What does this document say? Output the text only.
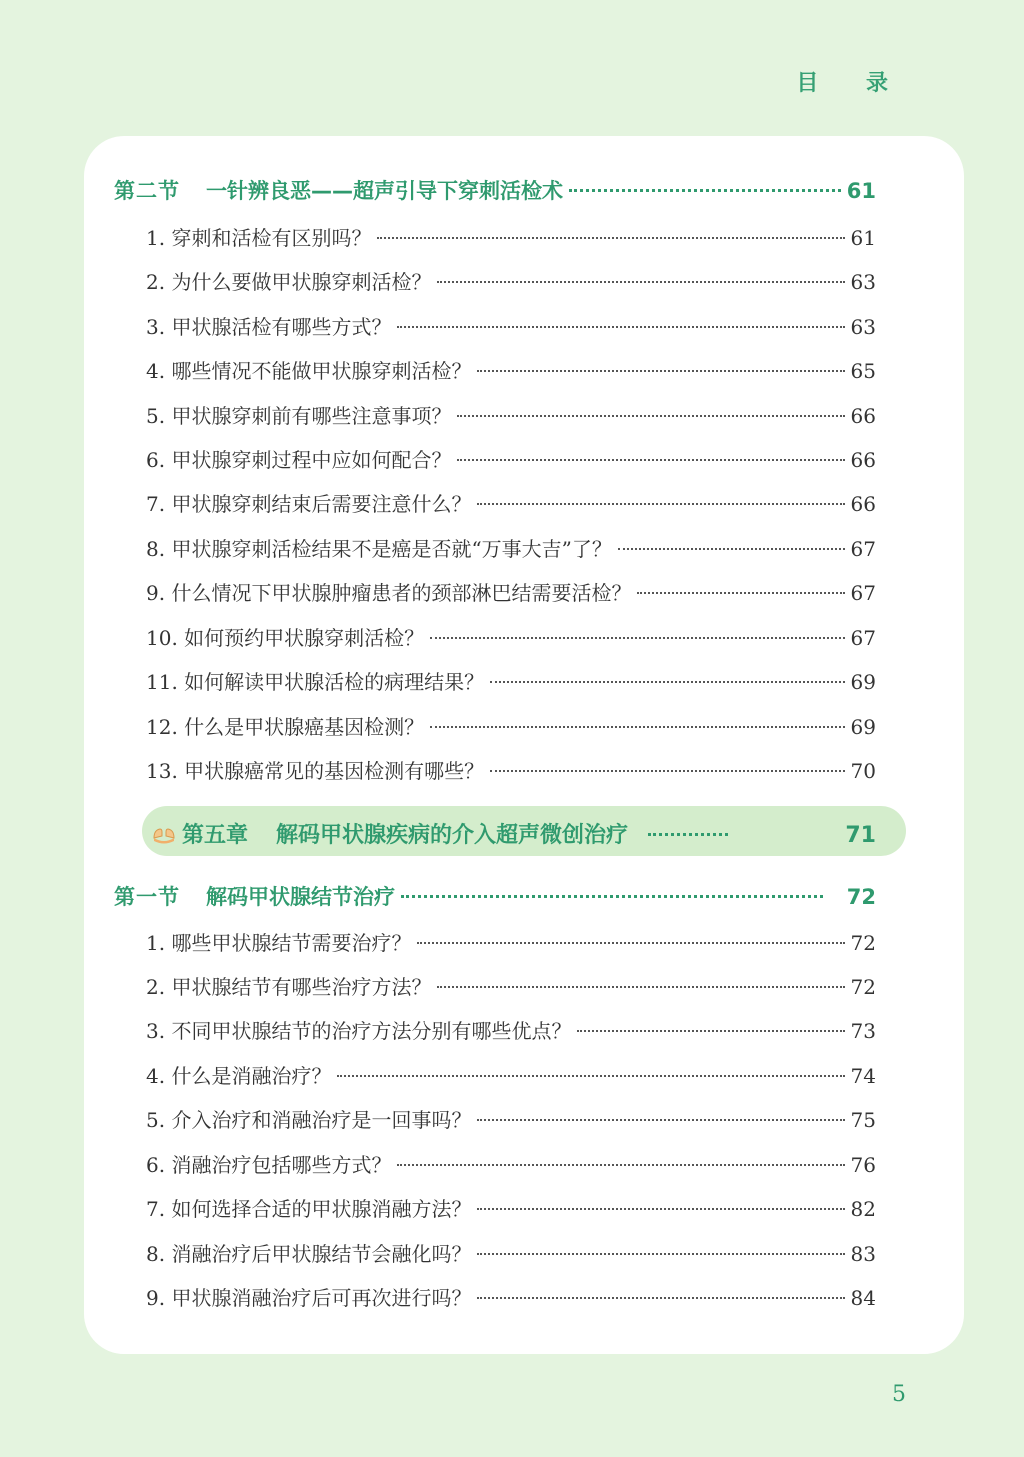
目 录
第二节 一针辨良恶——超声引导下穿刺活检术	61
1. 穿刺和活检有区别吗？	61
2. 为什么要做甲状腺穿刺活检？	63
3. 甲状腺活检有哪些方式？	63
4. 哪些情况不能做甲状腺穿刺活检？	65
5. 甲状腺穿刺前有哪些注意事项？	66
6. 甲状腺穿刺过程中应如何配合？	66
7. 甲状腺穿刺结束后需要注意什么？	66
8. 甲状腺穿刺活检结果不是癌是否就“万事大吉”了？	67
9. 什么情况下甲状腺肿瘤患者的颈部淋巴结需要活检？	67
10. 如何预约甲状腺穿刺活检？	67
11. 如何解读甲状腺活检的病理结果？	69
12. 什么是甲状腺癌基因检测？	69
13. 甲状腺癌常见的基因检测有哪些？	70
第五章 解码甲状腺疾病的介入超声微创治疗	71
第一节 解码甲状腺结节治疗	72
1. 哪些甲状腺结节需要治疗？	72
2. 甲状腺结节有哪些治疗方法？	72
3. 不同甲状腺结节的治疗方法分别有哪些优点？	73
4. 什么是消融治疗？	74
5. 介入治疗和消融治疗是一回事吗？	75
6. 消融治疗包括哪些方式？	76
7. 如何选择合适的甲状腺消融方法？	82
8. 消融治疗后甲状腺结节会融化吗？	83
9. 甲状腺消融治疗后可再次进行吗？	84
5
